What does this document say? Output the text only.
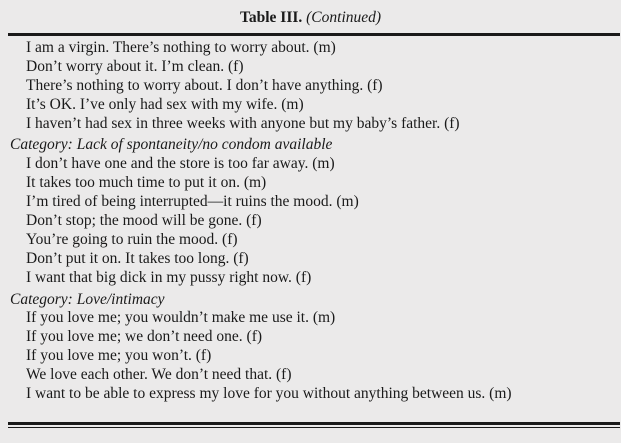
Table III. (Continued)
I am a virgin. There’s nothing to worry about. (m)
Don’t worry about it. I’m clean. (f)
There’s nothing to worry about. I don’t have anything. (f)
It’s OK. I’ve only had sex with my wife. (m)
I haven’t had sex in three weeks with anyone but my baby’s father. (f)
Category: Lack of spontaneity/no condom available
I don’t have one and the store is too far away. (m)
It takes too much time to put it on. (m)
I’m tired of being interrupted—it ruins the mood. (m)
Don’t stop; the mood will be gone. (f)
You’re going to ruin the mood. (f)
Don’t put it on. It takes too long. (f)
I want that big dick in my pussy right now. (f)
Category: Love/intimacy
If you love me; you wouldn’t make me use it. (m)
If you love me; we don’t need one. (f)
If you love me; you won’t. (f)
We love each other. We don’t need that. (f)
I want to be able to express my love for you without anything between us. (m)
